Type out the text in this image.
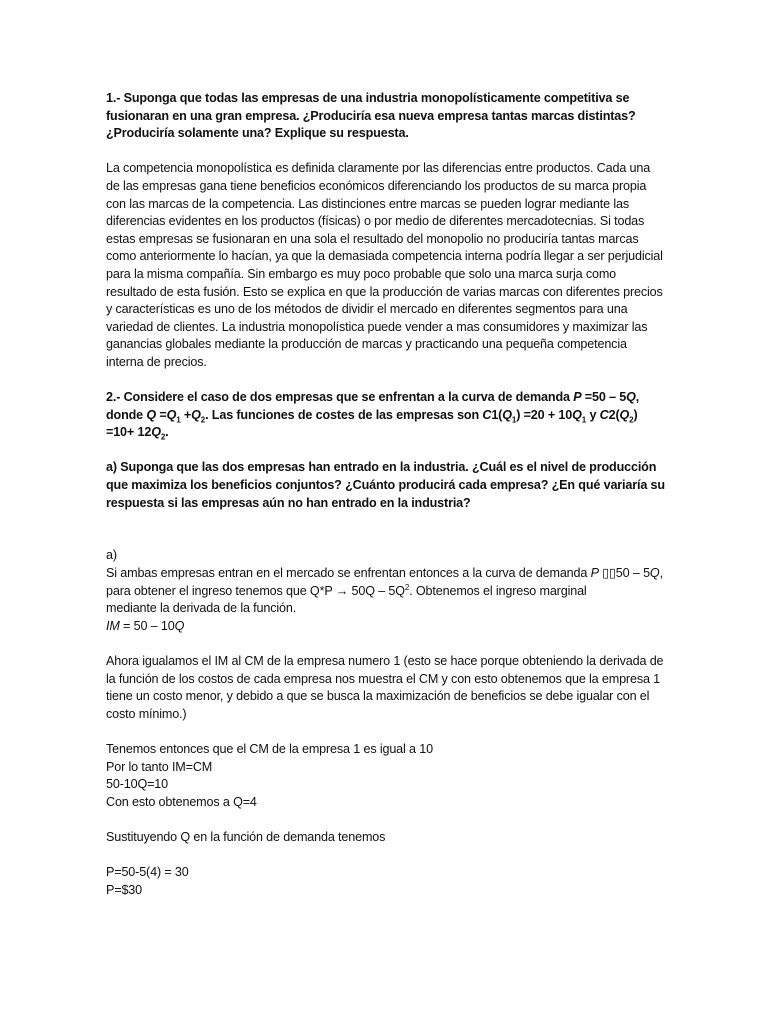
1.- Suponga que todas las empresas de una industria monopolísticamente competitiva se fusionaran en una gran empresa. ¿Produciría esa nueva empresa tantas marcas distintas? ¿Produciría solamente una? Explique su respuesta.

La competencia monopolística es definida claramente por las diferencias entre productos. Cada una de las empresas gana tiene beneficios económicos diferenciando los productos de su marca propia con las marcas de la competencia. Las distinciones entre marcas se pueden lograr mediante las diferencias evidentes en los productos (físicas) o por medio de diferentes mercadotecnias. Si todas estas empresas se fusionaran en una sola el resultado del monopolio no produciría tantas marcas como anteriormente lo hacían, ya que la demasiada competencia interna podría llegar a ser perjudicial para la misma compañía. Sin embargo es muy poco probable que solo una marca surja como resultado de esta fusión. Esto se explica en que la producción de varias marcas con diferentes precios y características es uno de los métodos de dividir el mercado en diferentes segmentos para una variedad de clientes. La industria monopolística puede vender a mas consumidores y maximizar las ganancias globales mediante la producción de marcas y practicando una pequeña competencia interna de precios.

2.- Considere el caso de dos empresas que se enfrentan a la curva de demanda P =50 – 5Q, donde $Q =Q_1 +Q_2$. Las funciones de costes de las empresas son $C1(Q_1) =20 + 10Q_1$ y $C2(Q_2) =10+ 12Q_2$.

a) Suponga que las dos empresas han entrado en la industria. ¿Cuál es el nivel de producción que maximiza los beneficios conjuntos? ¿Cuánto producirá cada empresa? ¿En qué variaría su respuesta si las empresas aún no han entrado en la industria?

a)
Si ambas empresas entran en el mercado se enfrentan entonces a la curva de demanda P ▯▯50 – 5Q, para obtener el ingreso tenemos que $Q*P \to 50Q - 5Q^2$. Obtenemos el ingreso marginal
mediante la derivada de la función.
IM = 50 – 10Q

Ahora igualamos el IM al CM de la empresa numero 1 (esto se hace porque obteniendo la derivada de la función de los costos de cada empresa nos muestra el CM y con esto obtenemos que la empresa 1 tiene un costo menor, y debido a que se busca la maximización de beneficios se debe igualar con el costo mínimo.)

Tenemos entonces que el CM de la empresa 1 es igual a 10
Por lo tanto IM=CM
50-10Q=10
Con esto obtenemos a Q=4

Sustituyendo Q en la función de demanda tenemos

P=50-5(4) = 30
P=$30
